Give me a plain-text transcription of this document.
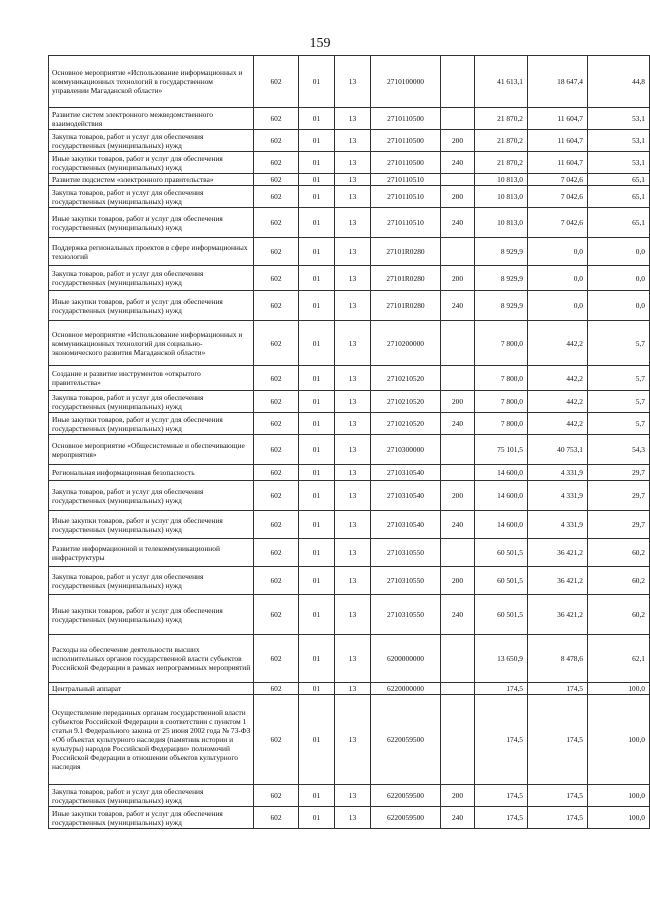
159
Основное мероприятие «Использование информационных и коммуникационных технологий в государственном управлении Магаданской области»	602	01	13	2710100000		41 613,1	18 647,4	44,8
Развитие систем электронного межведомственного взаимодействия	602	01	13	2710110500		21 870,2	11 604,7	53,1
Закупка товаров, работ и услуг для обеспечения государственных (муниципальных) нужд	602	01	13	2710110500	200	21 870,2	11 604,7	53,1
Иные закупки товаров, работ и услуг для обеспечения государственных (муниципальных) нужд	602	01	13	2710110500	240	21 870,2	11 604,7	53,1
Развитие подсистем «электронного правительства»	602	01	13	2710110510		10 813,0	7 042,6	65,1
Закупка товаров, работ и услуг для обеспечения государственных (муниципальных) нужд	602	01	13	2710110510	200	10 813,0	7 042,6	65,1
Иные закупки товаров, работ и услуг для обеспечения государственных (муниципальных) нужд	602	01	13	2710110510	240	10 813,0	7 042,6	65,1
Поддержка региональных проектов в сфере информационных технологий	602	01	13	27101R0280		8 929,9	0,0	0,0
Закупка товаров, работ и услуг для обеспечения государственных (муниципальных) нужд	602	01	13	27101R0280	200	8 929,9	0,0	0,0
Иные закупки товаров, работ и услуг для обеспечения государственных (муниципальных) нужд	602	01	13	27101R0280	240	8 929,9	0,0	0,0
Основное мероприятие «Использование информационных и коммуникационных технологий для социально-экономического развития Магаданской области»	602	01	13	2710200000		7 800,0	442,2	5,7
Создание и развитие инструментов «открытого правительства»	602	01	13	2710210520		7 800,0	442,2	5,7
Закупка товаров, работ и услуг для обеспечения государственных (муниципальных) нужд	602	01	13	2710210520	200	7 800,0	442,2	5,7
Иные закупки товаров, работ и услуг для обеспечения государственных (муниципальных) нужд	602	01	13	2710210520	240	7 800,0	442,2	5,7
Основное мероприятие «Общесистемные и обеспечивающие мероприятия»	602	01	13	2710300000		75 101,5	40 753,1	54,3
Региональная информационная безопасность	602	01	13	2710310540		14 600,0	4 331,9	29,7
Закупка товаров, работ и услуг для обеспечения государственных (муниципальных) нужд	602	01	13	2710310540	200	14 600,0	4 331,9	29,7
Иные закупки товаров, работ и услуг для обеспечения государственных (муниципальных) нужд	602	01	13	2710310540	240	14 600,0	4 331,9	29,7
Развитие информационной и телекоммуникационной инфраструктуры	602	01	13	2710310550		60 501,5	36 421,2	60,2
Закупка товаров, работ и услуг для обеспечения государственных (муниципальных) нужд	602	01	13	2710310550	200	60 501,5	36 421,2	60,2
Иные закупки товаров, работ и услуг для обеспечения государственных (муниципальных) нужд	602	01	13	2710310550	240	60 501,5	36 421,2	60,2
Расходы на обеспечение деятельности высших исполнительных органов государственной власти субъектов Российской Федерации в рамках непрограммных мероприятий	602	01	13	6200000000		13 650,9	8 478,6	62,1
Центральный аппарат	602	01	13	6220000000		174,5	174,5	100,0
Осуществление переданных органам государственной власти субъектов Российской Федерации в соответствии с пунктом 1 статьи 9.1 Федерального закона от 25 июня 2002 года № 73-ФЗ «Об объектах культурного наследия (памятник истории и культуры) народов Российской Федерации» полномочий Российской Федерации в отношении объектов культурного наследия	602	01	13	6220059500		174,5	174,5	100,0
Закупка товаров, работ и услуг для обеспечения государственных (муниципальных) нужд	602	01	13	6220059500	200	174,5	174,5	100,0
Иные закупки товаров, работ и услуг для обеспечения государственных (муниципальных) нужд	602	01	13	6220059500	240	174,5	174,5	100,0
